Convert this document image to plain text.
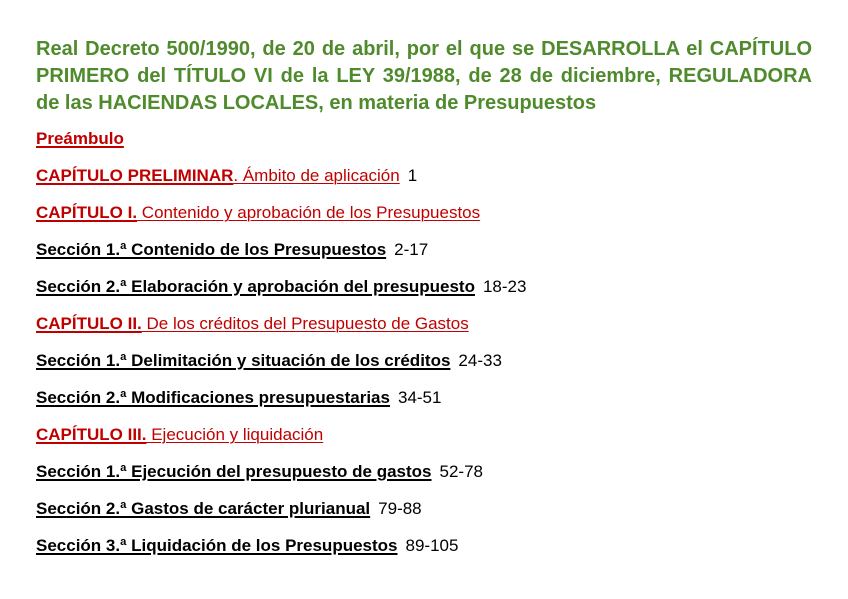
Real Decreto 500/1990, de 20 de abril, por el que se DESARROLLA el CAPÍTULO PRIMERO del TÍTULO VI de la LEY 39/1988, de 28 de diciembre, REGULADORA de las HACIENDAS LOCALES, en materia de Presupuestos
Preámbulo
CAPÍTULO PRELIMINAR. Ámbito de aplicación 1
CAPÍTULO I. Contenido y aprobación de los Presupuestos
Sección 1.ª Contenido de los Presupuestos 2-17
Sección 2.ª Elaboración y aprobación del presupuesto 18-23
CAPÍTULO II. De los créditos del Presupuesto de Gastos
Sección 1.ª Delimitación y situación de los créditos 24-33
Sección 2.ª Modificaciones presupuestarias 34-51
CAPÍTULO III. Ejecución y liquidación
Sección 1.ª Ejecución del presupuesto de gastos 52-78
Sección 2.ª Gastos de carácter plurianual 79-88
Sección 3.ª Liquidación de los Presupuestos 89-105
